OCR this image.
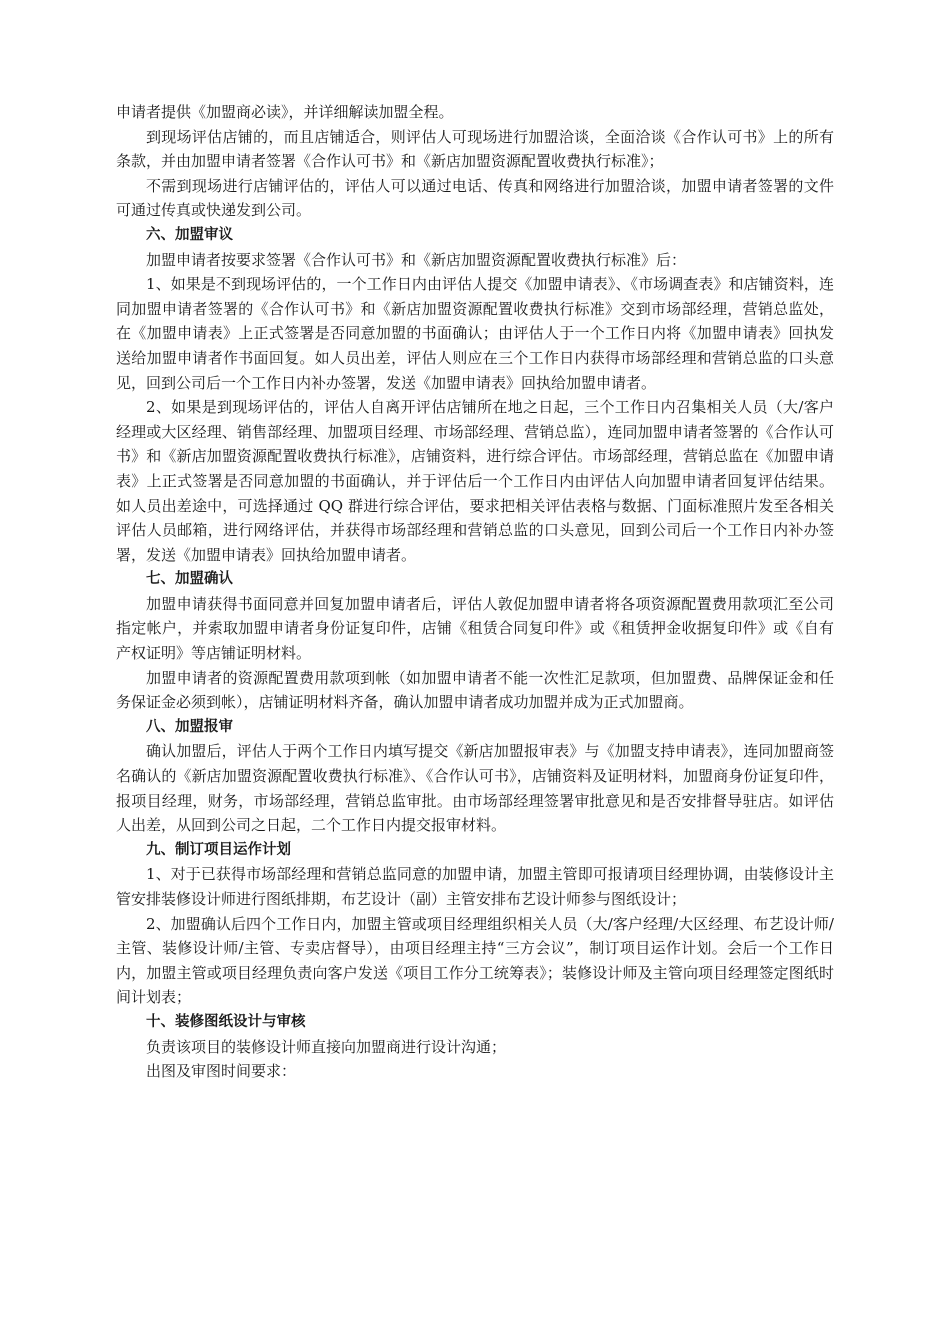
申请者提供《加盟商必读》，并详细解读加盟全程。

到现场评估店铺的，而且店铺适合，则评估人可现场进行加盟洽谈，全面洽谈《合作认可书》上的所有条款，并由加盟申请者签署《合作认可书》和《新店加盟资源配置收费执行标准》；

不需到现场进行店铺评估的，评估人可以通过电话、传真和网络进行加盟洽谈，加盟申请者签署的文件可通过传真或快递发到公司。

六、加盟审议

加盟申请者按要求签署《合作认可书》和《新店加盟资源配置收费执行标准》后：

1、如果是不到现场评估的，一个工作日内由评估人提交《加盟申请表》、《市场调查表》和店铺资料，连同加盟申请者签署的《合作认可书》和《新店加盟资源配置收费执行标准》交到市场部经理，营销总监处，在《加盟申请表》上正式签署是否同意加盟的书面确认；由评估人于一个工作日内将《加盟申请表》回执发送给加盟申请者作书面回复。如人员出差，评估人则应在三个工作日内获得市场部经理和营销总监的口头意见，回到公司后一个工作日内补办签署，发送《加盟申请表》回执给加盟申请者。

2、如果是到现场评估的，评估人自离开评估店铺所在地之日起，三个工作日内召集相关人员（大/客户经理或大区经理、销售部经理、加盟项目经理、市场部经理、营销总监），连同加盟申请者签署的《合作认可书》和《新店加盟资源配置收费执行标准》，店铺资料，进行综合评估。市场部经理，营销总监在《加盟申请表》上正式签署是否同意加盟的书面确认，并于评估后一个工作日内由评估人向加盟申请者回复评估结果。如人员出差途中，可选择通过 QQ 群进行综合评估，要求把相关评估表格与数据、门面标准照片发至各相关评估人员邮箱，进行网络评估，并获得市场部经理和营销总监的口头意见，回到公司后一个工作日内补办签署，发送《加盟申请表》回执给加盟申请者。

七、加盟确认

加盟申请获得书面同意并回复加盟申请者后，评估人敦促加盟申请者将各项资源配置费用款项汇至公司指定帐户，并索取加盟申请者身份证复印件，店铺《租赁合同复印件》或《租赁押金收据复印件》或《自有产权证明》等店铺证明材料。

加盟申请者的资源配置费用款项到帐（如加盟申请者不能一次性汇足款项，但加盟费、品牌保证金和任务保证金必须到帐），店铺证明材料齐备，确认加盟申请者成功加盟并成为正式加盟商。

八、加盟报审

确认加盟后，评估人于两个工作日内填写提交《新店加盟报审表》与《加盟支持申请表》，连同加盟商签名确认的《新店加盟资源配置收费执行标准》、《合作认可书》，店铺资料及证明材料，加盟商身份证复印件，报项目经理，财务，市场部经理，营销总监审批。由市场部经理签署审批意见和是否安排督导驻店。如评估人出差，从回到公司之日起，二个工作日内提交报审材料。

九、制订项目运作计划

1、对于已获得市场部经理和营销总监同意的加盟申请，加盟主管即可报请项目经理协调，由装修设计主管安排装修设计师进行图纸排期，布艺设计（副）主管安排布艺设计师参与图纸设计；

2、加盟确认后四个工作日内，加盟主管或项目经理组织相关人员（大/客户经理/大区经理、布艺设计师/主管、装修设计师/主管、专卖店督导），由项目经理主持“三方会议”，制订项目运作计划。会后一个工作日内，加盟主管或项目经理负责向客户发送《项目工作分工统筹表》；装修设计师及主管向项目经理签定图纸时间计划表；

十、装修图纸设计与审核

负责该项目的装修设计师直接向加盟商进行设计沟通；

出图及审图时间要求：
